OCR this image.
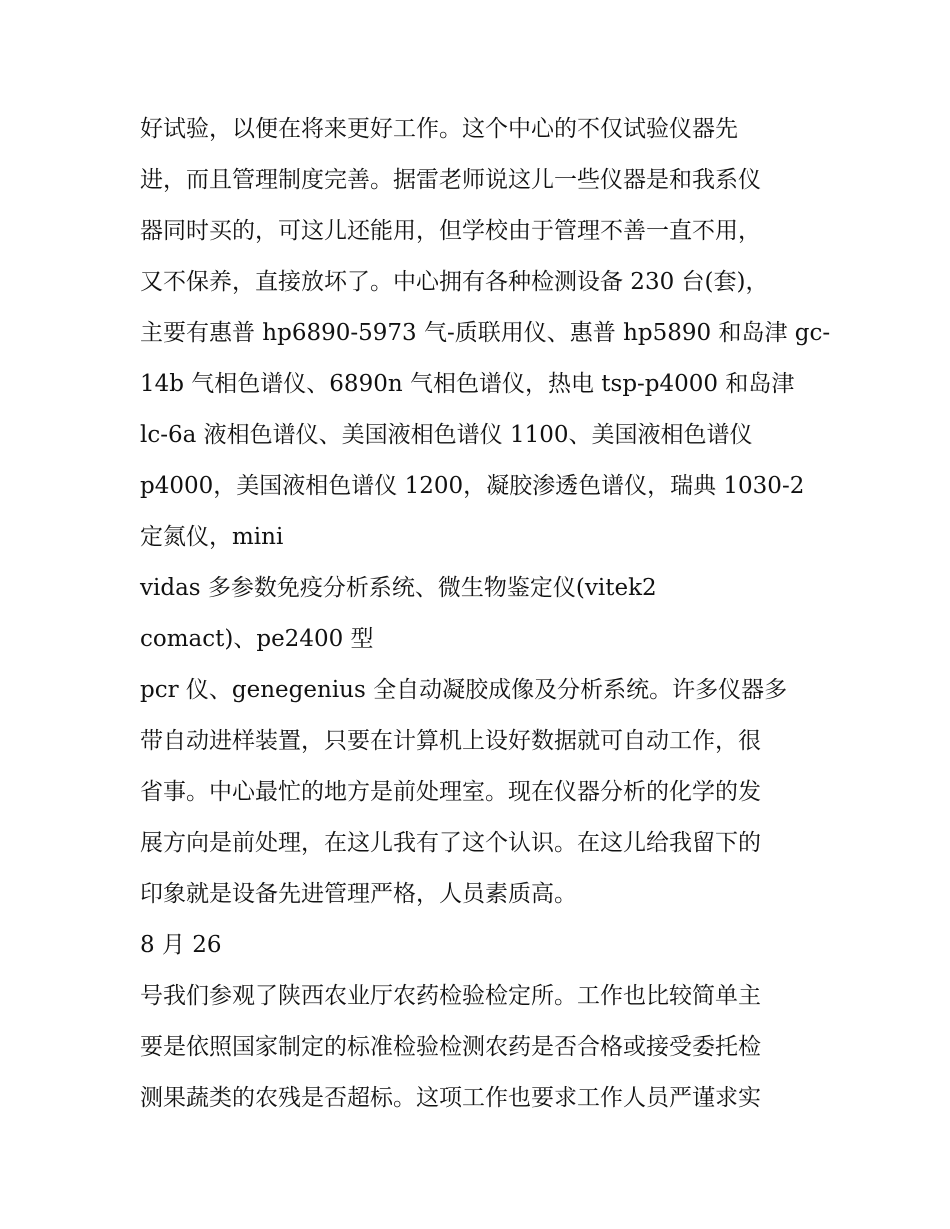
好试验，以便在将来更好工作。这个中心的不仅试验仪器先
进，而且管理制度完善。据雷老师说这儿一些仪器是和我系仪
器同时买的，可这儿还能用，但学校由于管理不善一直不用，
又不保养，直接放坏了。中心拥有各种检测设备 230 台(套)，
主要有惠普 hp6890-5973 气-质联用仪、惠普 hp5890 和岛津 gc-
14b 气相色谱仪、6890n 气相色谱仪，热电 tsp-p4000 和岛津
lc-6a 液相色谱仪、美国液相色谱仪 1100、美国液相色谱仪
p4000，美国液相色谱仪 1200，凝胶渗透色谱仪，瑞典 1030-2
定氮仪，mini
vidas 多参数免疫分析系统、微生物鉴定仪(vitek2
comact)、pe2400 型
pcr 仪、genegenius 全自动凝胶成像及分析系统。许多仪器多
带自动进样装置，只要在计算机上设好数据就可自动工作，很
省事。中心最忙的地方是前处理室。现在仪器分析的化学的发
展方向是前处理，在这儿我有了这个认识。在这儿给我留下的
印象就是设备先进管理严格，人员素质高。
8 月 26
号我们参观了陕西农业厅农药检验检定所。工作也比较简单主
要是依照国家制定的标准检验检测农药是否合格或接受委托检
测果蔬类的农残是否超标。这项工作也要求工作人员严谨求实
